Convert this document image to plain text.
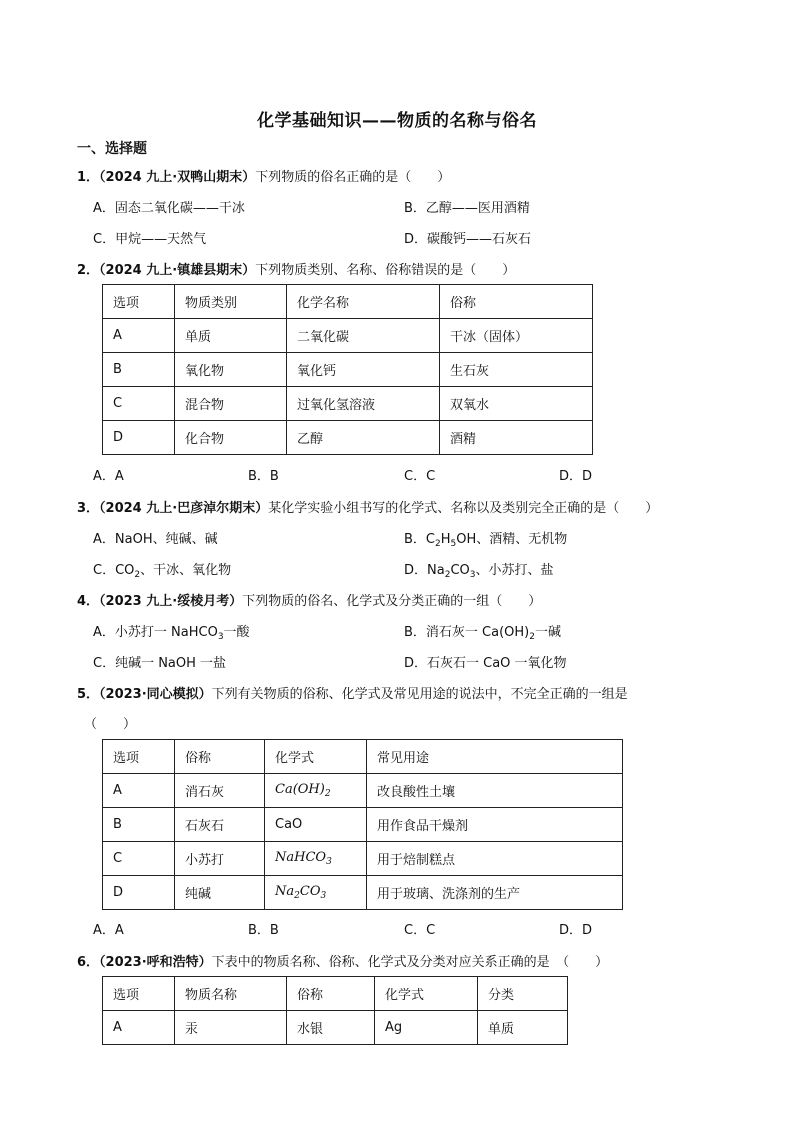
化学基础知识——物质的名称与俗名
一、选择题
1．（2024 九上·双鸭山期末）下列物质的俗名正确的是（　　）
A．固态二氧化碳——干冰	B．乙醇——医用酒精
C．甲烷——天然气	D．碳酸钙——石灰石
2．（2024 九上·镇雄县期末）下列物质类别、名称、俗称错误的是（　　）
选项	物质类别	化学名称	俗称
A	单质	二氧化碳	干冰（固体）
B	氧化物	氧化钙	生石灰
C	混合物	过氧化氢溶液	双氧水
D	化合物	乙醇	酒精
A．A	B．B	C．C	D．D
3．（2024 九上·巴彦淖尔期末）某化学实验小组书写的化学式、名称以及类别完全正确的是（　　）
A．NaOH、纯碱、碱	B．$C_2H_5OH$、酒精、无机物
C．$CO_2$、干冰、氧化物	D．$Na_2CO_3$、小苏打、盐
4．（2023 九上·绥棱月考）下列物质的俗名、化学式及分类正确的一组（　　）
A．小苏打一 NaHCO$_3$一酸	B．消石灰一 $Ca(OH)_2$一碱
C．纯碱一 NaOH 一盐	D．石灰石一 CaO 一氧化物
5．（2023·同心模拟）下列有关物质的俗称、化学式及常见用途的说法中，不完全正确的一组是
（　　）
选项	俗称	化学式	常见用途
A	消石灰	$Ca(OH)_2$	改良酸性土壤
B	石灰石	CaO	用作食品干燥剂
C	小苏打	NaHCO$_3$	用于焙制糕点
D	纯碱	$Na_2CO_3$	用于玻璃、洗涤剂的生产
A．A	B．B	C．C	D．D
6．（2023·呼和浩特）下表中的物质名称、俗称、化学式及分类对应关系正确的是　（　　）
选项	物质名称	俗称	化学式	分类
A	汞	水银	Ag	单质
